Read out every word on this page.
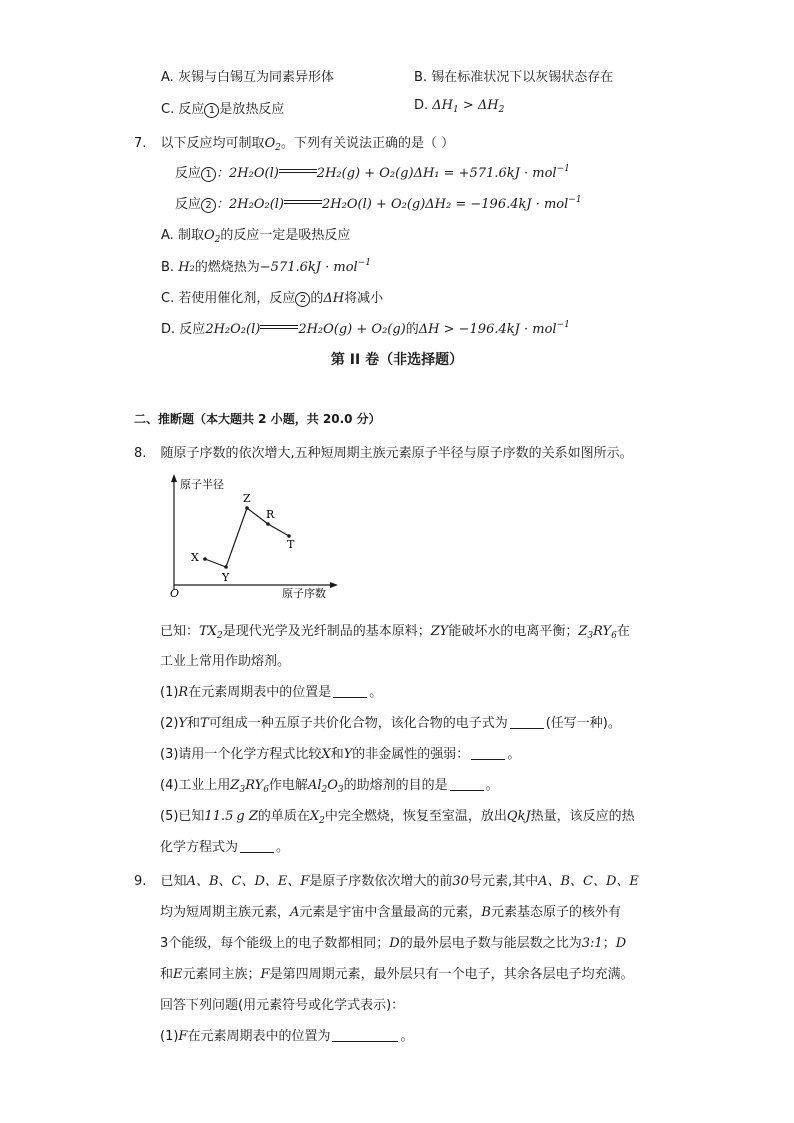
A. 灰锡与白锡互为同素异形体	B. 锡在标准状况下以灰锡状态存在
C. 反应 1 是放热反应	D. $\Delta H_1 > \Delta H_2$
7. 以下反应均可制取$O_2$。下列有关说法正确的是（ ）
反应 1 ：2H₂O(l)	2H₂(g) + O₂(g)ΔH₁ = +571.6kJ · mol$^{-1}$
反应 2 ：2H₂O₂(l)	2H₂O(l) + O₂(g)ΔH₂ = −196.4kJ · mol$^{-1}$
A. 制取$O_2$的反应一定是吸热反应
B. H₂的燃烧热为−571.6kJ · mol$^{-1}$
C. 若使用催化剂，反应 2 的ΔH将减小
D. 反应2H₂O₂(l)	2H₂O(g) + O₂(g)的ΔH > −196.4kJ · mol$^{-1}$
第 II 卷（非选择题）
二、推断题（本大题共 2 小题，共 20.0 分）
8. 随原子序数的依次增大,五种短周期主族元素原子半径与原子序数的关系如图所示。
原子半径
原子序数
O
X
Y
Z
R
T
已知：$TX_2$是现代光学及光纤制品的基本原料；ZY能破坏水的电离平衡；$Z_3RY_6$在
工业上常用作助熔剂。
(1)R在元素周期表中的位置是	。
(2)Y和T可组成一种五原子共价化合物，该化合物的电子式为	(任写一种)。
(3)请用一个化学方程式比较X和Y的非金属性的强弱：	。
(4)工业上用$Z_3RY_6$作电解$Al_2O_3$的助熔剂的目的是	。
(5)已知11.5 g Z的单质在$X_2$中完全燃烧，恢复至室温，放出QkJ热量，该反应的热
化学方程式为	。
9. 已知A、B、C、D、E、F是原子序数依次增大的前30号元素,其中A、B、C、D、E
均为短周期主族元素，A元素是宇宙中含量最高的元素，B元素基态原子的核外有
3个能级，每个能级上的电子数都相同；D的最外层电子数与能层数之比为3:1；D
和E元素同主族；F是第四周期元素，最外层只有一个电子，其余各层电子均充满。
回答下列问题(用元素符号或化学式表示)：
(1)F在元素周期表中的位置为	。
